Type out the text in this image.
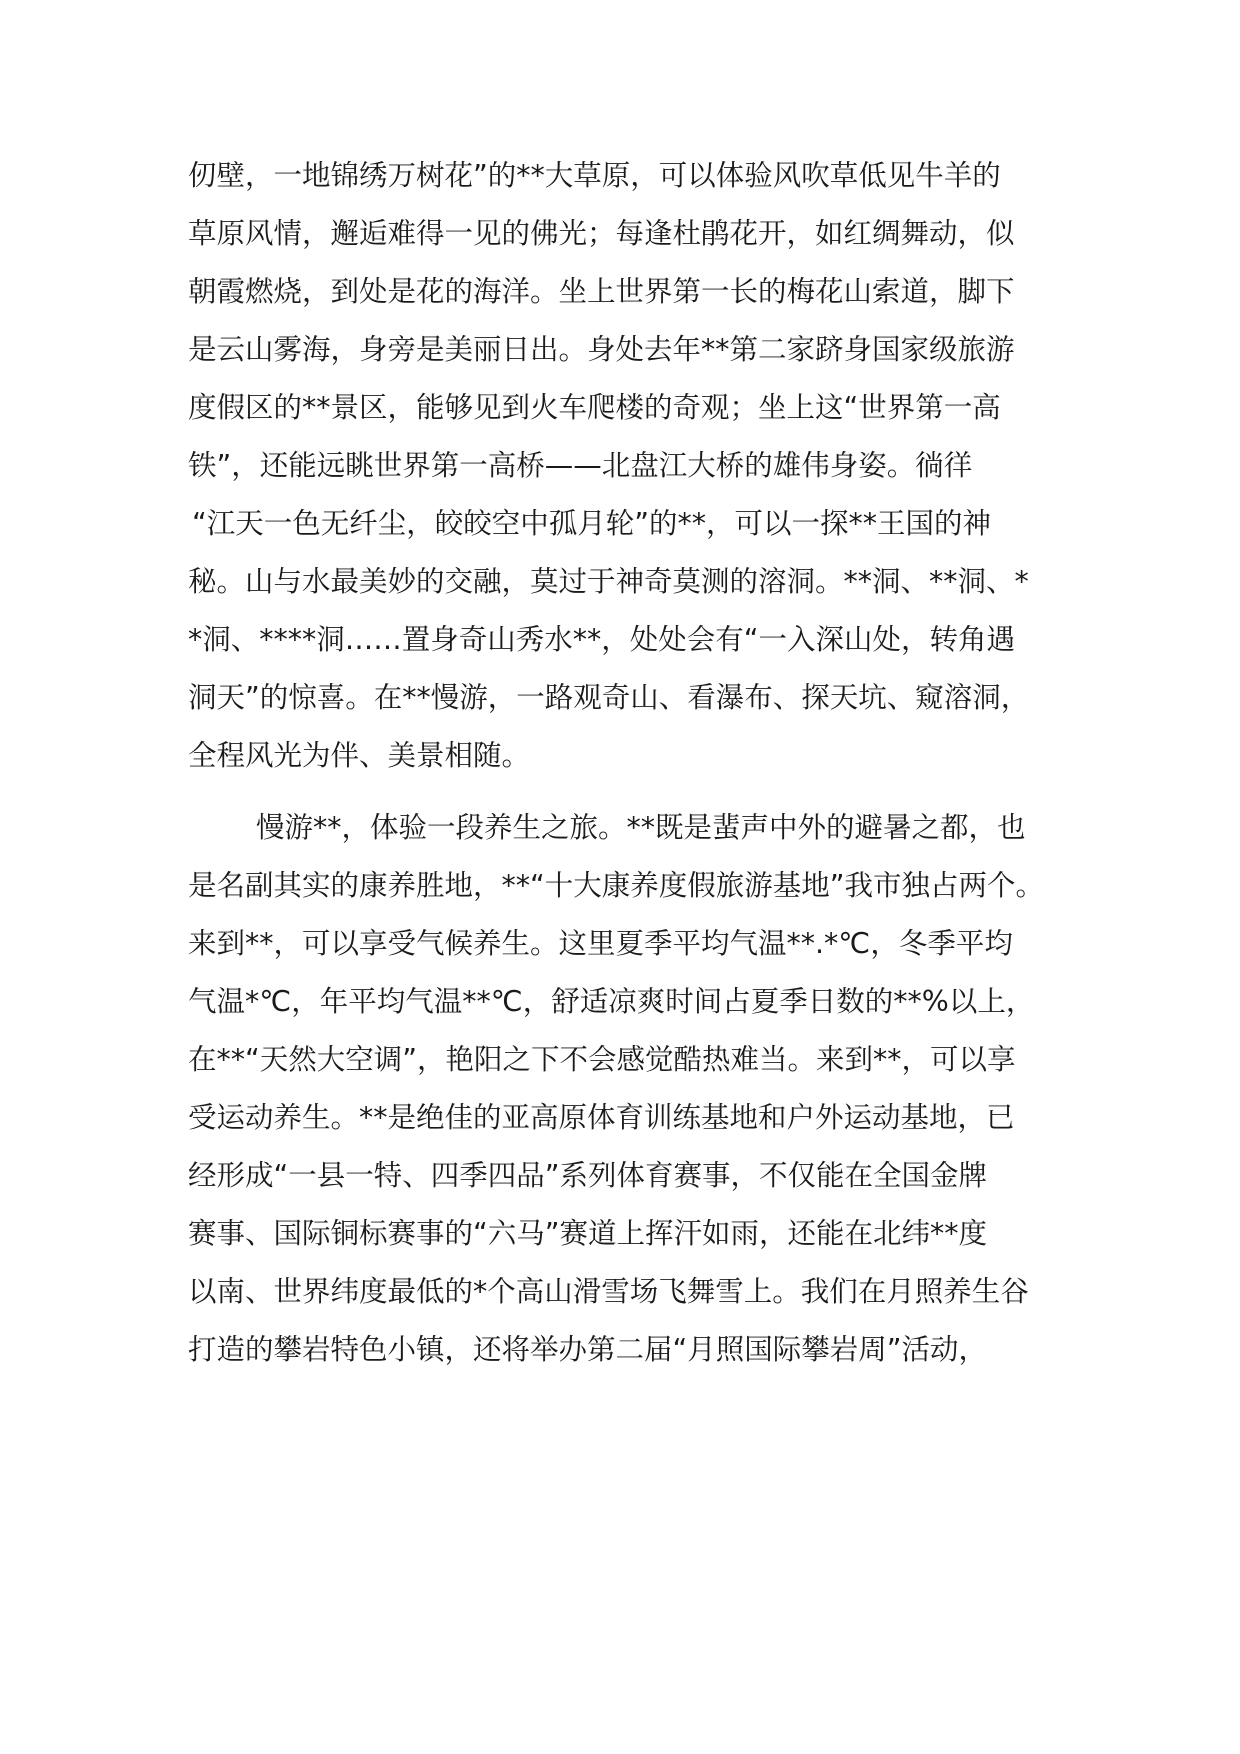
仞壁，一地锦绣万树花”的**大草原，可以体验风吹草低见牛羊的
草原风情，邂逅难得一见的佛光；每逢杜鹃花开，如红绸舞动，似
朝霞燃烧，到处是花的海洋。坐上世界第一长的梅花山索道，脚下
是云山雾海，身旁是美丽日出。身处去年**第二家跻身国家级旅游
度假区的**景区，能够见到火车爬楼的奇观；坐上这“世界第一高
铁”，还能远眺世界第一高桥——北盘江大桥的雄伟身姿。徜徉
“江天一色无纤尘，皎皎空中孤月轮”的**，可以一探**王国的神
秘。山与水最美妙的交融，莫过于神奇莫测的溶洞。**洞、**洞、*
*洞、****洞……置身奇山秀水**，处处会有“一入深山处，转角遇
洞天”的惊喜。在**慢游，一路观奇山、看瀑布、探天坑、窥溶洞，
全程风光为伴、美景相随。
慢游**，体验一段养生之旅。**既是蜚声中外的避暑之都，也
是名副其实的康养胜地，**“十大康养度假旅游基地”我市独占两个。
来到**，可以享受气候养生。这里夏季平均气温**.*℃，冬季平均
气温*℃，年平均气温**℃，舒适凉爽时间占夏季日数的**%以上，
在**“天然大空调”，艳阳之下不会感觉酷热难当。来到**，可以享
受运动养生。**是绝佳的亚高原体育训练基地和户外运动基地，已
经形成“一县一特、四季四品”系列体育赛事，不仅能在全国金牌
赛事、国际铜标赛事的“六马”赛道上挥汗如雨，还能在北纬**度
以南、世界纬度最低的*个高山滑雪场飞舞雪上。我们在月照养生谷
打造的攀岩特色小镇，还将举办第二届“月照国际攀岩周”活动，
